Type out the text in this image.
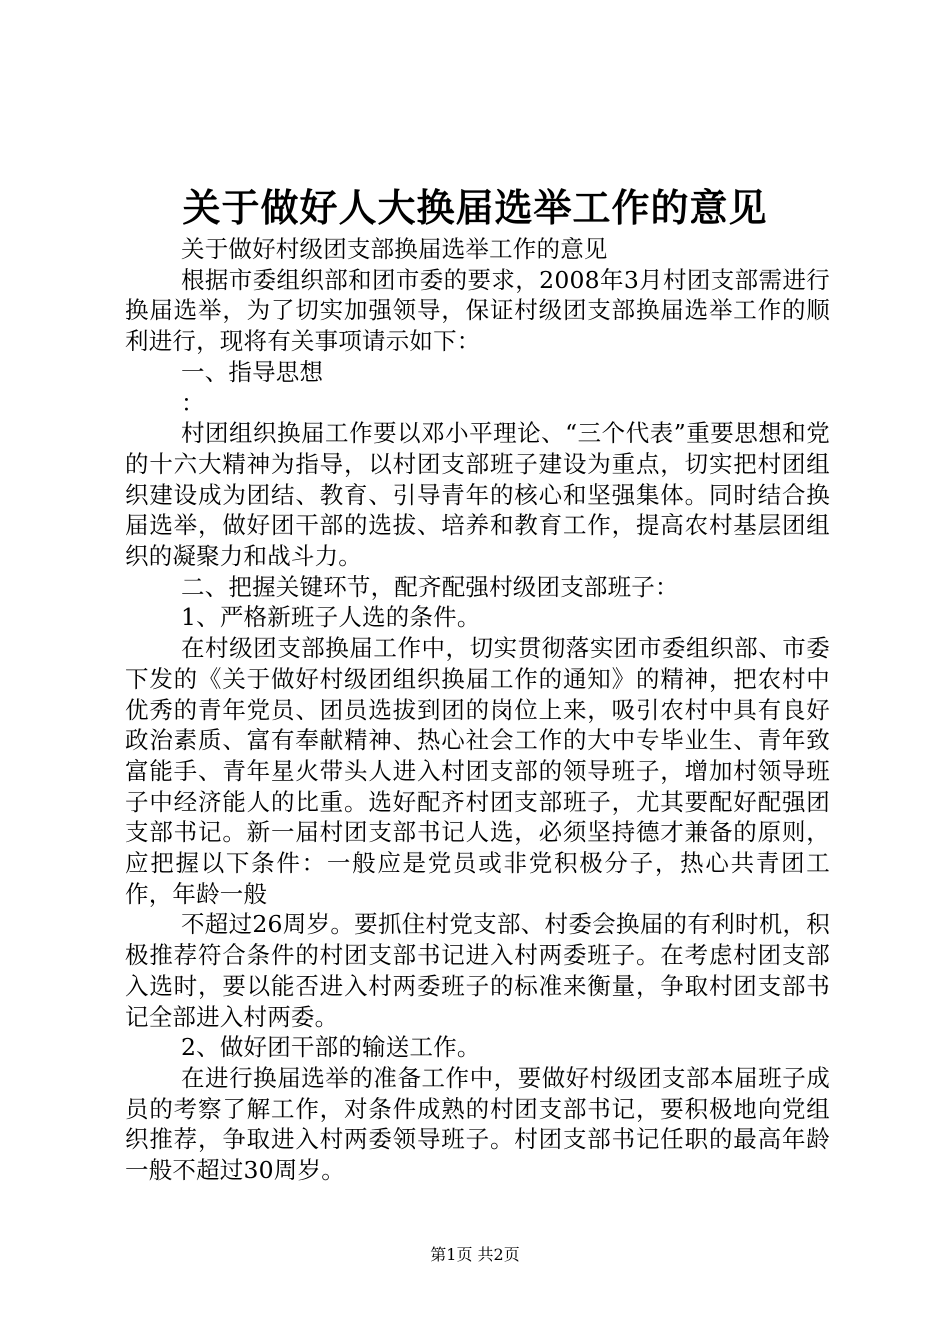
关于做好人大换届选举工作的意见

关于做好村级团支部换届选举工作的意见

根据市委组织部和团市委的要求，2008年3月村团支部需进行换届选举，为了切实加强领导，保证村级团支部换届选举工作的顺利进行，现将有关事项请示如下：

一、指导思想

：

村团组织换届工作要以邓小平理论、“三个代表”重要思想和党的十六大精神为指导，以村团支部班子建设为重点，切实把村团组织建设成为团结、教育、引导青年的核心和坚强集体。同时结合换届选举，做好团干部的选拔、培养和教育工作，提高农村基层团组织的凝聚力和战斗力。

二、把握关键环节，配齐配强村级团支部班子：

1、严格新班子人选的条件。

在村级团支部换届工作中，切实贯彻落实团市委组织部、市委下发的《关于做好村级团组织换届工作的通知》的精神，把农村中优秀的青年党员、团员选拔到团的岗位上来，吸引农村中具有良好政治素质、富有奉献精神、热心社会工作的大中专毕业生、青年致富能手、青年星火带头人进入村团支部的领导班子，增加村领导班子中经济能人的比重。选好配齐村团支部班子，尤其要配好配强团支部书记。新一届村团支部书记人选，必须坚持德才兼备的原则，应把握以下条件：一般应是党员或非党积极分子，热心共青团工作，年龄一般

不超过26周岁。要抓住村党支部、村委会换届的有利时机，积极推荐符合条件的村团支部书记进入村两委班子。在考虑村团支部入选时，要以能否进入村两委班子的标准来衡量，争取村团支部书记全部进入村两委。

2、做好团干部的输送工作。

在进行换届选举的准备工作中，要做好村级团支部本届班子成员的考察了解工作，对条件成熟的村团支部书记，要积极地向党组织推荐，争取进入村两委领导班子。村团支部书记任职的最高年龄一般不超过30周岁。

第1页 共2页
